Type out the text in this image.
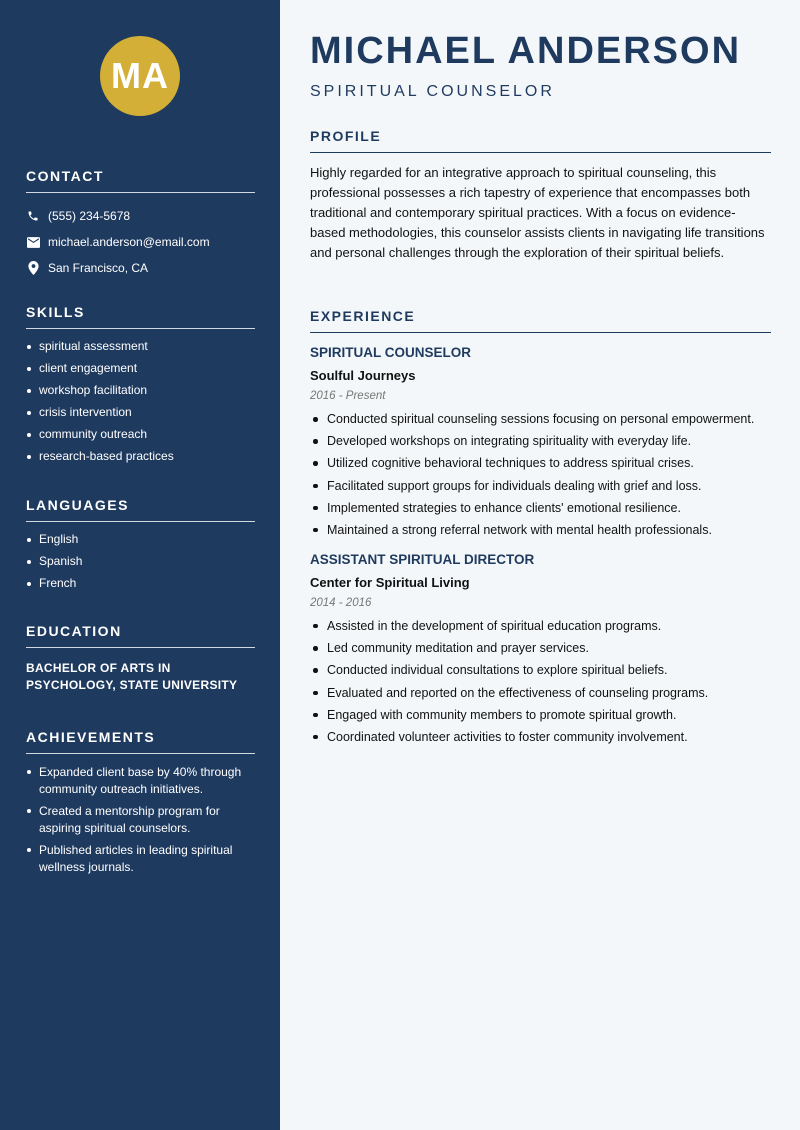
MA
CONTACT
(555) 234-5678
michael.anderson@email.com
San Francisco, CA
SKILLS
spiritual assessment
client engagement
workshop facilitation
crisis intervention
community outreach
research-based practices
LANGUAGES
English
Spanish
French
EDUCATION
BACHELOR OF ARTS IN PSYCHOLOGY, STATE UNIVERSITY
ACHIEVEMENTS
Expanded client base by 40% through community outreach initiatives.
Created a mentorship program for aspiring spiritual counselors.
Published articles in leading spiritual wellness journals.
MICHAEL ANDERSON
SPIRITUAL COUNSELOR
PROFILE

Highly regarded for an integrative approach to spiritual counseling, this professional possesses a rich tapestry of experience that encompasses both traditional and contemporary spiritual practices. With a focus on evidence-based methodologies, this counselor assists clients in navigating life transitions and personal challenges through the exploration of their spiritual beliefs.

EXPERIENCE
SPIRITUAL COUNSELOR
Soulful Journeys
2016 - Present
Conducted spiritual counseling sessions focusing on personal empowerment.
Developed workshops on integrating spirituality with everyday life.
Utilized cognitive behavioral techniques to address spiritual crises.
Facilitated support groups for individuals dealing with grief and loss.
Implemented strategies to enhance clients' emotional resilience.
Maintained a strong referral network with mental health professionals.
ASSISTANT SPIRITUAL DIRECTOR
Center for Spiritual Living
2014 - 2016
Assisted in the development of spiritual education programs.
Led community meditation and prayer services.
Conducted individual consultations to explore spiritual beliefs.
Evaluated and reported on the effectiveness of counseling programs.
Engaged with community members to promote spiritual growth.
Coordinated volunteer activities to foster community involvement.
